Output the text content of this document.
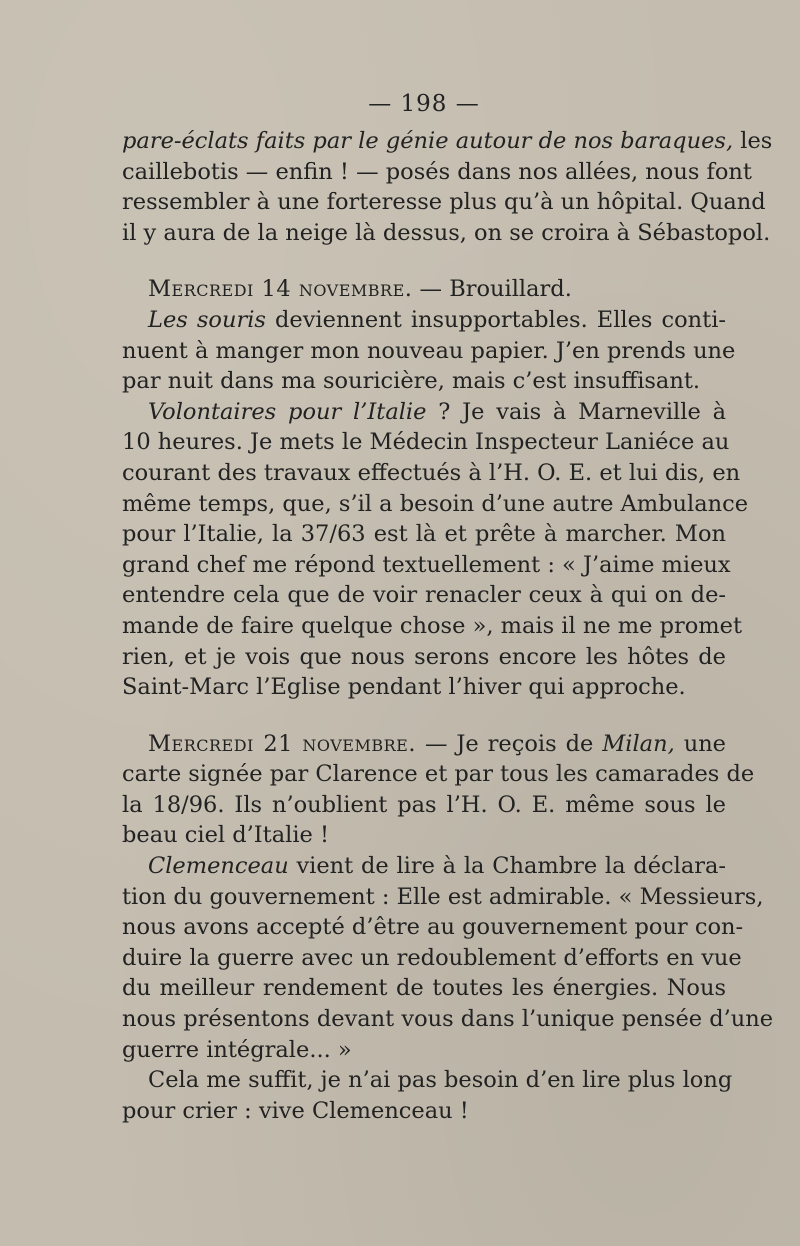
— 198 —
pare-éclats faits par le génie autour de nos baraques, les
caillebotis — enfin ! — posés dans nos allées, nous font
ressembler à une forteresse plus qu’à un hôpital. Quand
il y aura de la neige là dessus, on se croira à Sébastopol.
Mercredi 14 novembre. — Brouillard.
Les souris deviennent insupportables. Elles conti-
nuent à manger mon nouveau papier. J’en prends une
par nuit dans ma souricière, mais c’est insuffisant.
Volontaires pour l’Italie ? Je vais à Marneville à
10 heures. Je mets le Médecin Inspecteur Laniéce au
courant des travaux effectués à l’H. O. E. et lui dis, en
même temps, que, s’il a besoin d’une autre Ambulance
pour l’Italie, la 37/63 est là et prête à marcher. Mon
grand chef me répond textuellement : « J’aime mieux
entendre cela que de voir renacler ceux à qui on de-
mande de faire quelque chose », mais il ne me promet
rien, et je vois que nous serons encore les hôtes de
Saint-Marc l’Eglise pendant l’hiver qui approche.
Mercredi 21 novembre. — Je reçois de Milan, une
carte signée par Clarence et par tous les camarades de
la 18/96. Ils n’oublient pas l’H. O. E. même sous le
beau ciel d’Italie !
Clemenceau vient de lire à la Chambre la déclara-
tion du gouvernement : Elle est admirable. « Messieurs,
nous avons accepté d’être au gouvernement pour con-
duire la guerre avec un redoublement d’efforts en vue
du meilleur rendement de toutes les énergies. Nous
nous présentons devant vous dans l’unique pensée d’une
guerre intégrale... »
Cela me suffit, je n’ai pas besoin d’en lire plus long
pour crier : vive Clemenceau !
